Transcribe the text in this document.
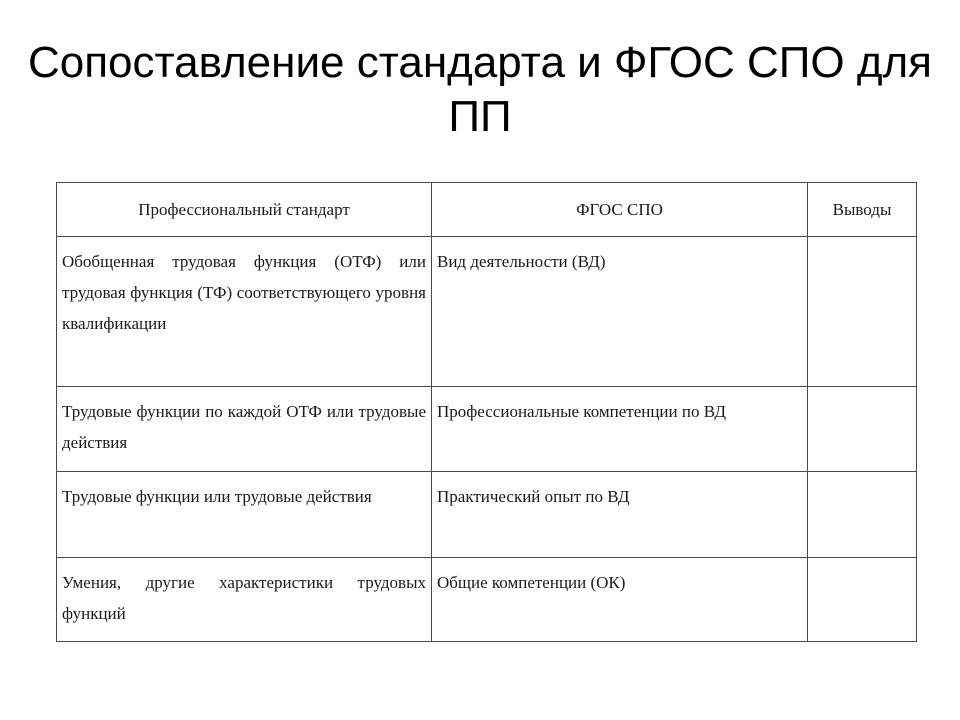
Сопоставление стандарта и ФГОС СПО для
ПП
Профессиональный стандарт	ФГОС СПО	Выводы
Обобщенная трудовая функция (ОТФ) или трудовая функция (ТФ) соответствующего уровня квалификации	Вид деятельности (ВД)	
Трудовые функции по каждой ОТФ или трудовые действия	Профессиональные компетенции по ВД	
Трудовые функции или трудовые действия	Практический опыт по ВД	
Умения, другие характеристики трудовых функций	Общие компетенции (ОК)	
